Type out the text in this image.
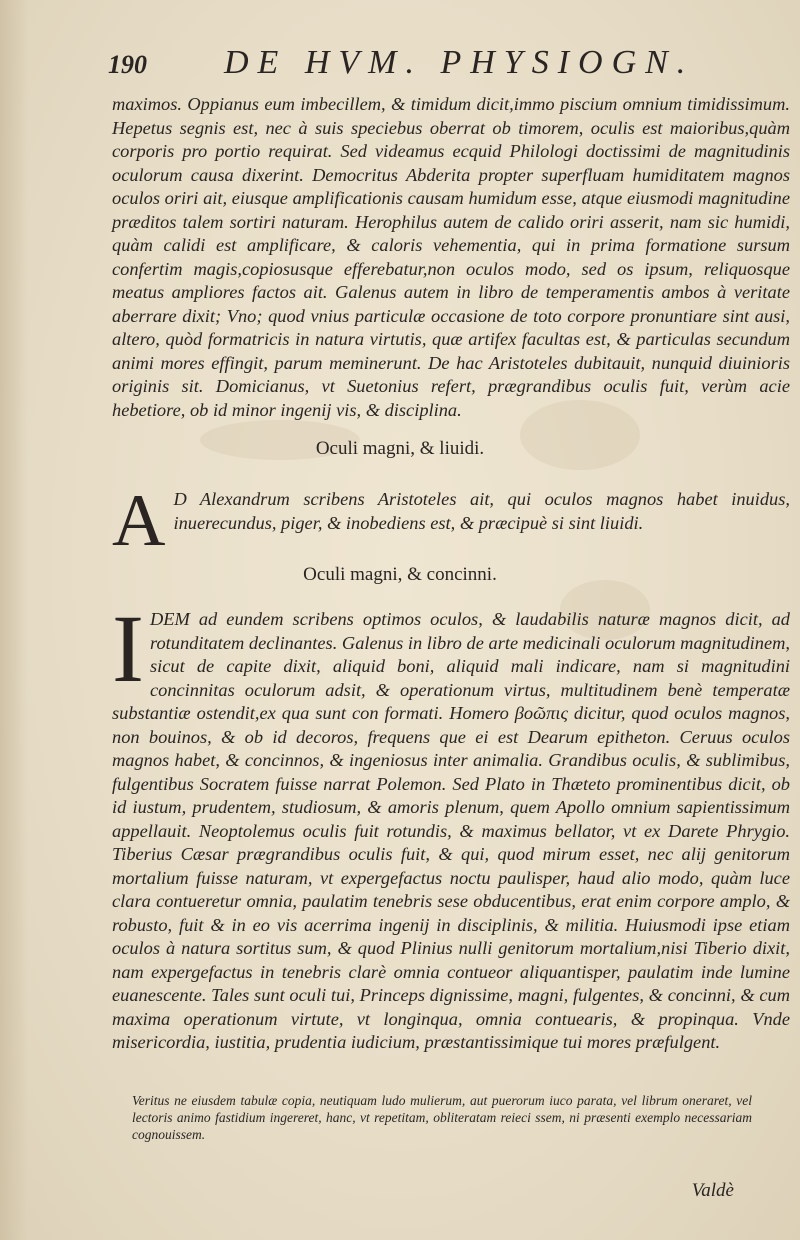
190 DE HVM. PHYSIOGN.

maximos. Oppianus eum imbecillem, & timidum dicit,immo piscium omnium timidissimum. Hepetus segnis est, nec à suis speciebus oberrat ob timorem, oculis est maioribus,quàm corporis pro portio requirat. Sed videamus ecquid Philologi doctissimi de magnitudinis oculorum causa dixerint. Democritus Abderita propter superfluam humiditatem magnos oculos oriri ait, eiusque amplificationis causam humidum esse, atque eiusmodi magnitudine præditos talem sortiri naturam. Herophilus autem de calido oriri asserit, nam sic humidi, quàm calidi est amplificare, & caloris vehementia, qui in prima formatione sursum confertim magis,copiosusque efferebatur,non oculos modo, sed os ipsum, reliquosque meatus ampliores factos ait. Galenus autem in libro de temperamentis ambos à veritate aberrare dixit; Vno; quod vnius particulæ occasione de toto corpore pronuntiare sint ausi, altero, quòd formatricis in natura virtutis, quæ artifex facultas est, & particulas secundum animi mores effingit, parum meminerunt. De hac Aristoteles dubitauit, nunquid diuinioris originis sit. Domicianus, vt Suetonius refert, prægrandibus oculis fuit, verùm acie hebetiore, ob id minor ingenij vis, & disciplina.

Oculi magni, & liuidi.

A D Alexandrum scribens Aristoteles ait, qui oculos magnos habet inuidus, inuerecundus, piger, & inobediens est, & præcipuè si sint liuidi.

Oculi magni, & concinni.

I DEM ad eundem scribens optimos oculos, & laudabilis naturæ magnos dicit, ad rotunditatem declinantes. Galenus in libro de arte medicinali oculorum magnitudinem, sicut de capite dixit, aliquid boni, aliquid mali indicare, nam si magnitudini concinnitas oculorum adsit, & operationum virtus, multitudinem benè temperatæ substantiæ ostendit,ex qua sunt con formati. Homero βοῶπις dicitur, quod oculos magnos, non bouinos, & ob id decoros, frequens que ei est Dearum epitheton. Ceruus oculos magnos habet, & concinnos, & ingeniosus inter animalia. Grandibus oculis, & sublimibus, fulgentibus Socratem fuisse narrat Polemon. Sed Plato in Thæteto prominentibus dicit, ob id iustum, prudentem, studiosum, & amoris plenum, quem Apollo omnium sapientissimum appellauit. Neoptolemus oculis fuit rotundis, & maximus bellator, vt ex Darete Phrygio. Tiberius Cæsar prægrandibus oculis fuit, & qui, quod mirum esset, nec alij genitorum mortalium fuisse naturam, vt expergefactus noctu paulisper, haud alio modo, quàm luce clara contueretur omnia, paulatim tenebris sese obducentibus, erat enim corpore amplo, & robusto, fuit & in eo vis acerrima ingenij in disciplinis, & militia. Huiusmodi ipse etiam oculos à natura sortitus sum, & quod Plinius nulli genitorum mortalium,nisi Tiberio dixit, nam expergefactus in tenebris clarè omnia contueor aliquantisper, paulatim inde lumine euanescente. Tales sunt oculi tui, Princeps dignissime, magni, fulgentes, & concinni, & cum maxima operationum virtute, vt longinqua, omnia contuearis, & propinqua. Vnde misericordia, iustitia, prudentia iudicium, præstantissimique tui mores præfulgent.

Veritus ne eiusdem tabulæ copia, neutiquam ludo mulierum, aut puerorum iuco parata, vel librum oneraret, vel lectoris animo fastidium ingereret, hanc, vt repetitam, obliteratam reieci ssem, ni præsenti exemplo necessariam cognouissem.

Valdè
